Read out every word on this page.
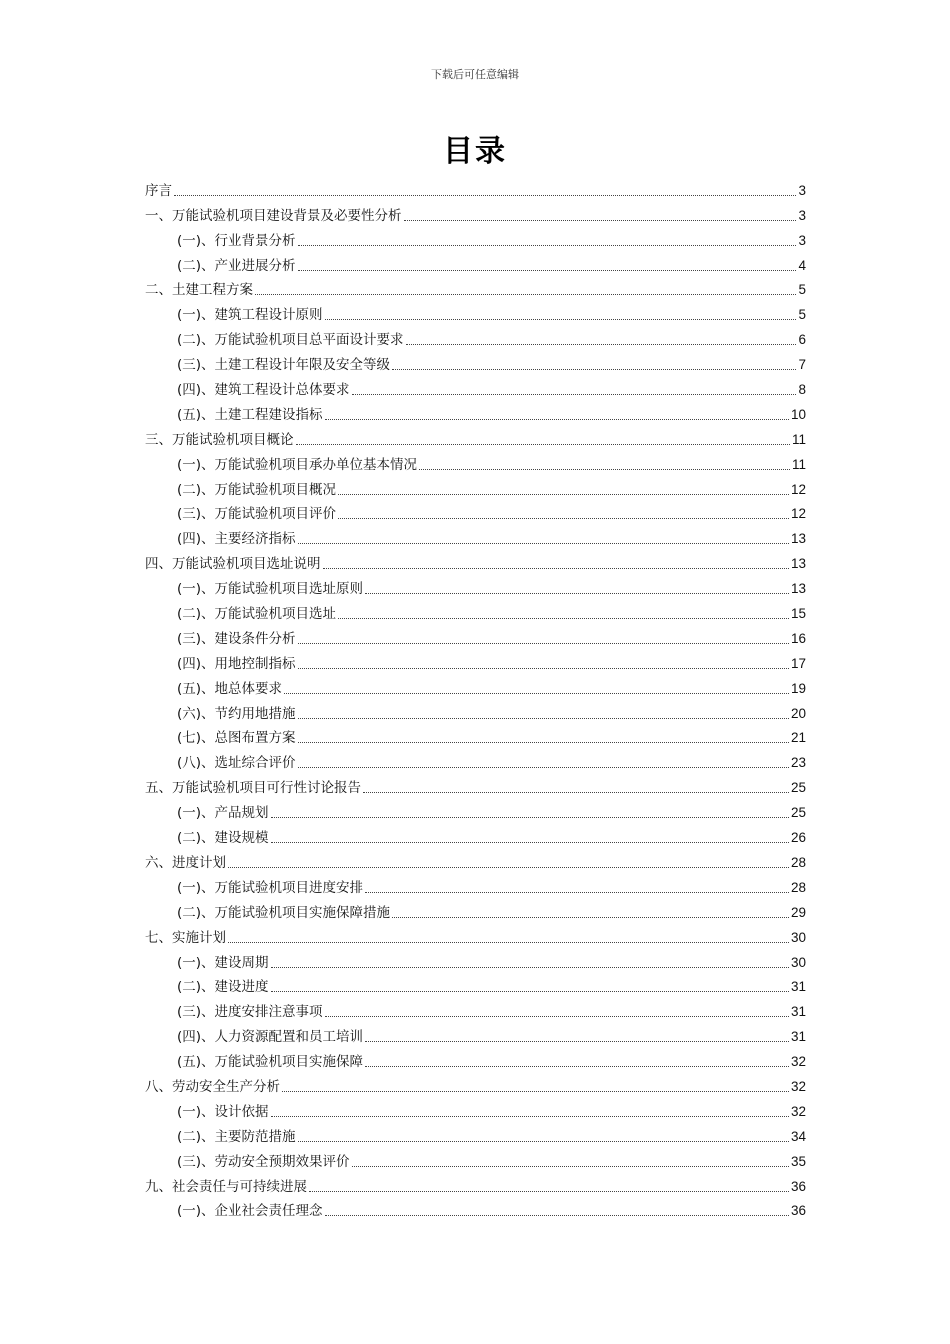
下载后可任意编辑
目录
序言	3
一、万能试验机项目建设背景及必要性分析	3
(一)、行业背景分析	3
(二)、产业进展分析	4
二、土建工程方案	5
(一)、建筑工程设计原则	5
(二)、万能试验机项目总平面设计要求	6
(三)、土建工程设计年限及安全等级	7
(四)、建筑工程设计总体要求	8
(五)、土建工程建设指标	10
三、万能试验机项目概论	11
(一)、万能试验机项目承办单位基本情况	11
(二)、万能试验机项目概况	12
(三)、万能试验机项目评价	12
(四)、主要经济指标	13
四、万能试验机项目选址说明	13
(一)、万能试验机项目选址原则	13
(二)、万能试验机项目选址	15
(三)、建设条件分析	16
(四)、用地控制指标	17
(五)、地总体要求	19
(六)、节约用地措施	20
(七)、总图布置方案	21
(八)、选址综合评价	23
五、万能试验机项目可行性讨论报告	25
(一)、产品规划	25
(二)、建设规模	26
六、进度计划	28
(一)、万能试验机项目进度安排	28
(二)、万能试验机项目实施保障措施	29
七、实施计划	30
(一)、建设周期	30
(二)、建设进度	31
(三)、进度安排注意事项	31
(四)、人力资源配置和员工培训	31
(五)、万能试验机项目实施保障	32
八、劳动安全生产分析	32
(一)、设计依据	32
(二)、主要防范措施	34
(三)、劳动安全预期效果评价	35
九、社会责任与可持续进展	36
(一)、企业社会责任理念	36
